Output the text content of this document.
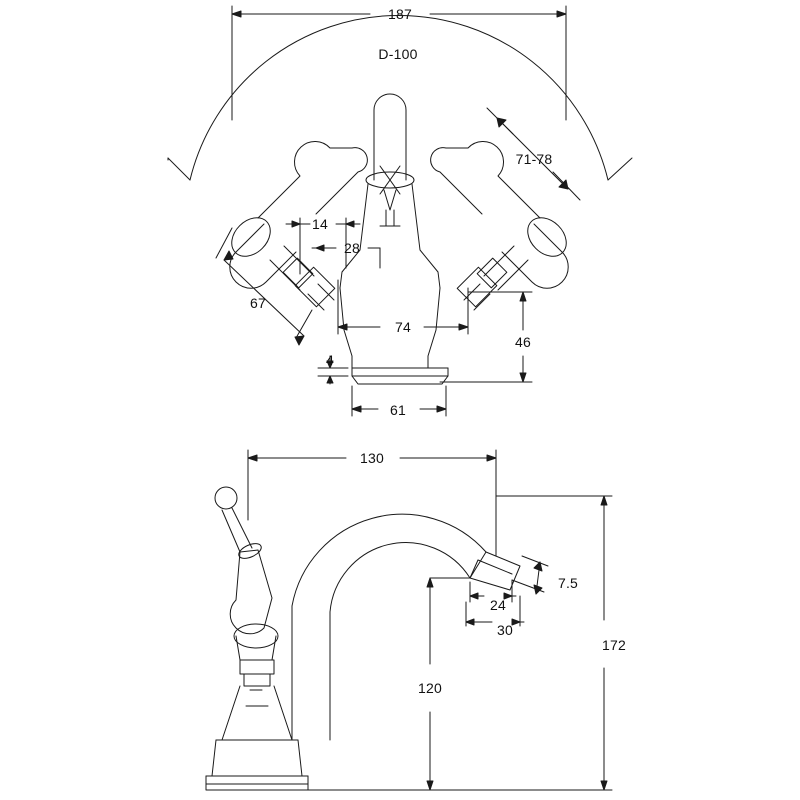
187
D-100
71-78
14
28
67
74
46
4
61
130
7.5
24
30
172
120
